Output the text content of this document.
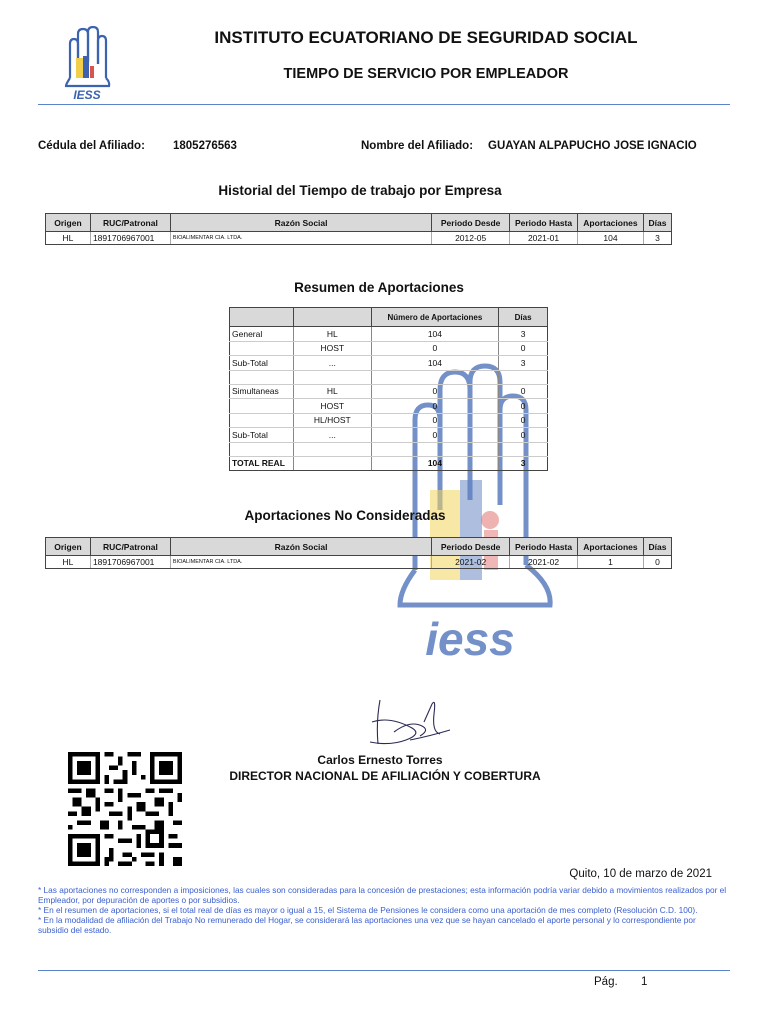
iess
IESS
INSTITUTO ECUATORIANO DE SEGURIDAD SOCIAL
TIEMPO DE SERVICIO POR EMPLEADOR
Cédula del Afiliado: 1805276563	Nombre del Afiliado: GUAYAN ALPAPUCHO JOSE IGNACIO
Historial del Tiempo de trabajo por Empresa
Origen	RUC/Patronal	Razón Social	Periodo Desde	Periodo Hasta	Aportaciones	Días
HL	1891706967001	BIOALIMENTAR CIA. LTDA.	2012-05	2021-01	104	3
Resumen de Aportaciones
		Número de Aportaciones	Días
General	HL	104	3
	HOST	0	0
Sub-Total	...	104	3

Simultaneas	HL	0	0
	HOST	0	0
	HL/HOST	0	0
Sub-Total	...	0	0

TOTAL REAL		104	3
Aportaciones No Consideradas
Origen	RUC/Patronal	Razón Social	Periodo Desde	Periodo Hasta	Aportaciones	Días
HL	1891706967001	BIOALIMENTAR CIA. LTDA.	2021-02	2021-02	1	0
Carlos Ernesto Torres
DIRECTOR NACIONAL DE AFILIACIÓN Y COBERTURA
Quito, 10 de marzo de 2021
* Las aportaciones no corresponden a imposiciones, las cuales son consideradas para la concesión de prestaciones; esta información podría variar debido a movimientos realizados por el Empleador, por depuración de aportes o por subsidios.
* En el resumen de aportaciones, si el total real de días es mayor o igual a 15, el Sistema de Pensiones le considera como una aportación de mes completo (Resolución C.D. 100).
* En la modalidad de afiliación del Trabajo No remunerado del Hogar, se considerará las aportaciones una vez que se hayan cancelado el aporte personal y lo correspondiente por subsidio del estado.
Pág. 1
